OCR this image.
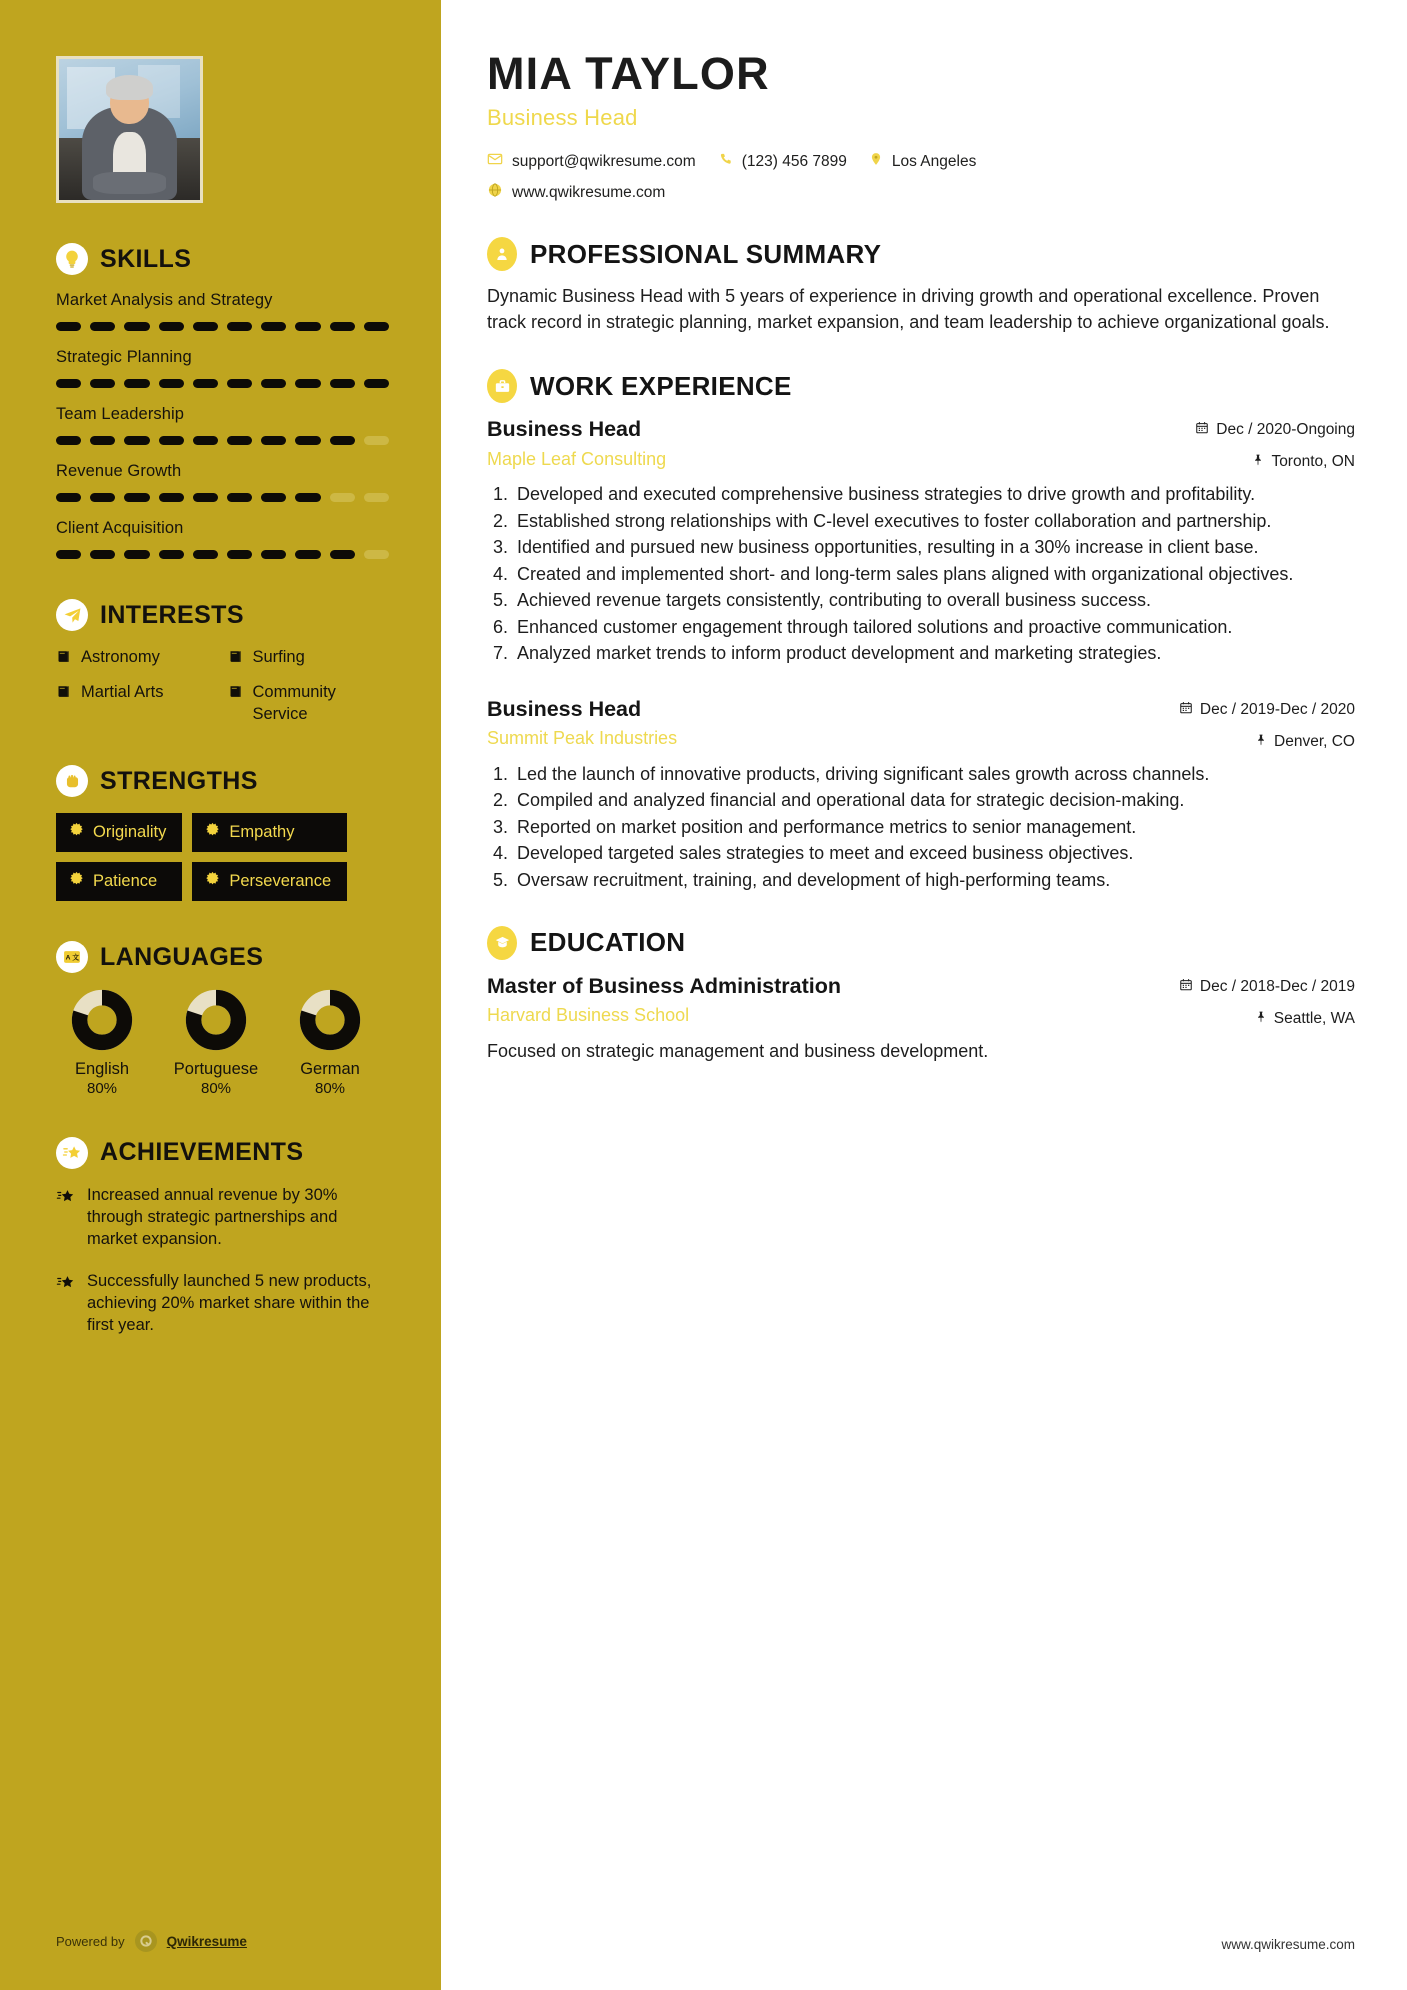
SKILLS
Market Analysis and Strategy
Strategic Planning
Team Leadership
Revenue Growth
Client Acquisition
INTERESTS
Astronomy	Surfing
Martial Arts	Community Service
STRENGTHS
Originality	Empathy
Patience	Perseverance
A 文 LANGUAGES
English
80%
Portuguese
80%
German
80%
ACHIEVEMENTS
Increased annual revenue by 30% through strategic partnerships and market expansion.
Successfully launched 5 new products, achieving 20% market share within the first year.
Powered by	Qwikresume
MIA TAYLOR
Business Head
support@qwikresume.com	(123) 456 7899	Los Angeles
www.qwikresume.com
PROFESSIONAL SUMMARY

Dynamic Business Head with 5 years of experience in driving growth and operational excellence. Proven track record in strategic planning, market expansion, and team leadership to achieve organizational goals.

WORK EXPERIENCE
Business Head
Maple Leaf Consulting
Dec / 2020-Ongoing
Toronto, ON
1. Developed and executed comprehensive business strategies to drive growth and profitability.
2. Established strong relationships with C-level executives to foster collaboration and partnership.
3. Identified and pursued new business opportunities, resulting in a 30% increase in client base.
4. Created and implemented short- and long-term sales plans aligned with organizational objectives.
5. Achieved revenue targets consistently, contributing to overall business success.
6. Enhanced customer engagement through tailored solutions and proactive communication.
7. Analyzed market trends to inform product development and marketing strategies.
Business Head
Summit Peak Industries
Dec / 2019-Dec / 2020
Denver, CO
1. Led the launch of innovative products, driving significant sales growth across channels.
2. Compiled and analyzed financial and operational data for strategic decision-making.
3. Reported on market position and performance metrics to senior management.
4. Developed targeted sales strategies to meet and exceed business objectives.
5. Oversaw recruitment, training, and development of high-performing teams.
EDUCATION
Master of Business Administration
Harvard Business School
Dec / 2018-Dec / 2019
Seattle, WA
Focused on strategic management and business development.
www.qwikresume.com
